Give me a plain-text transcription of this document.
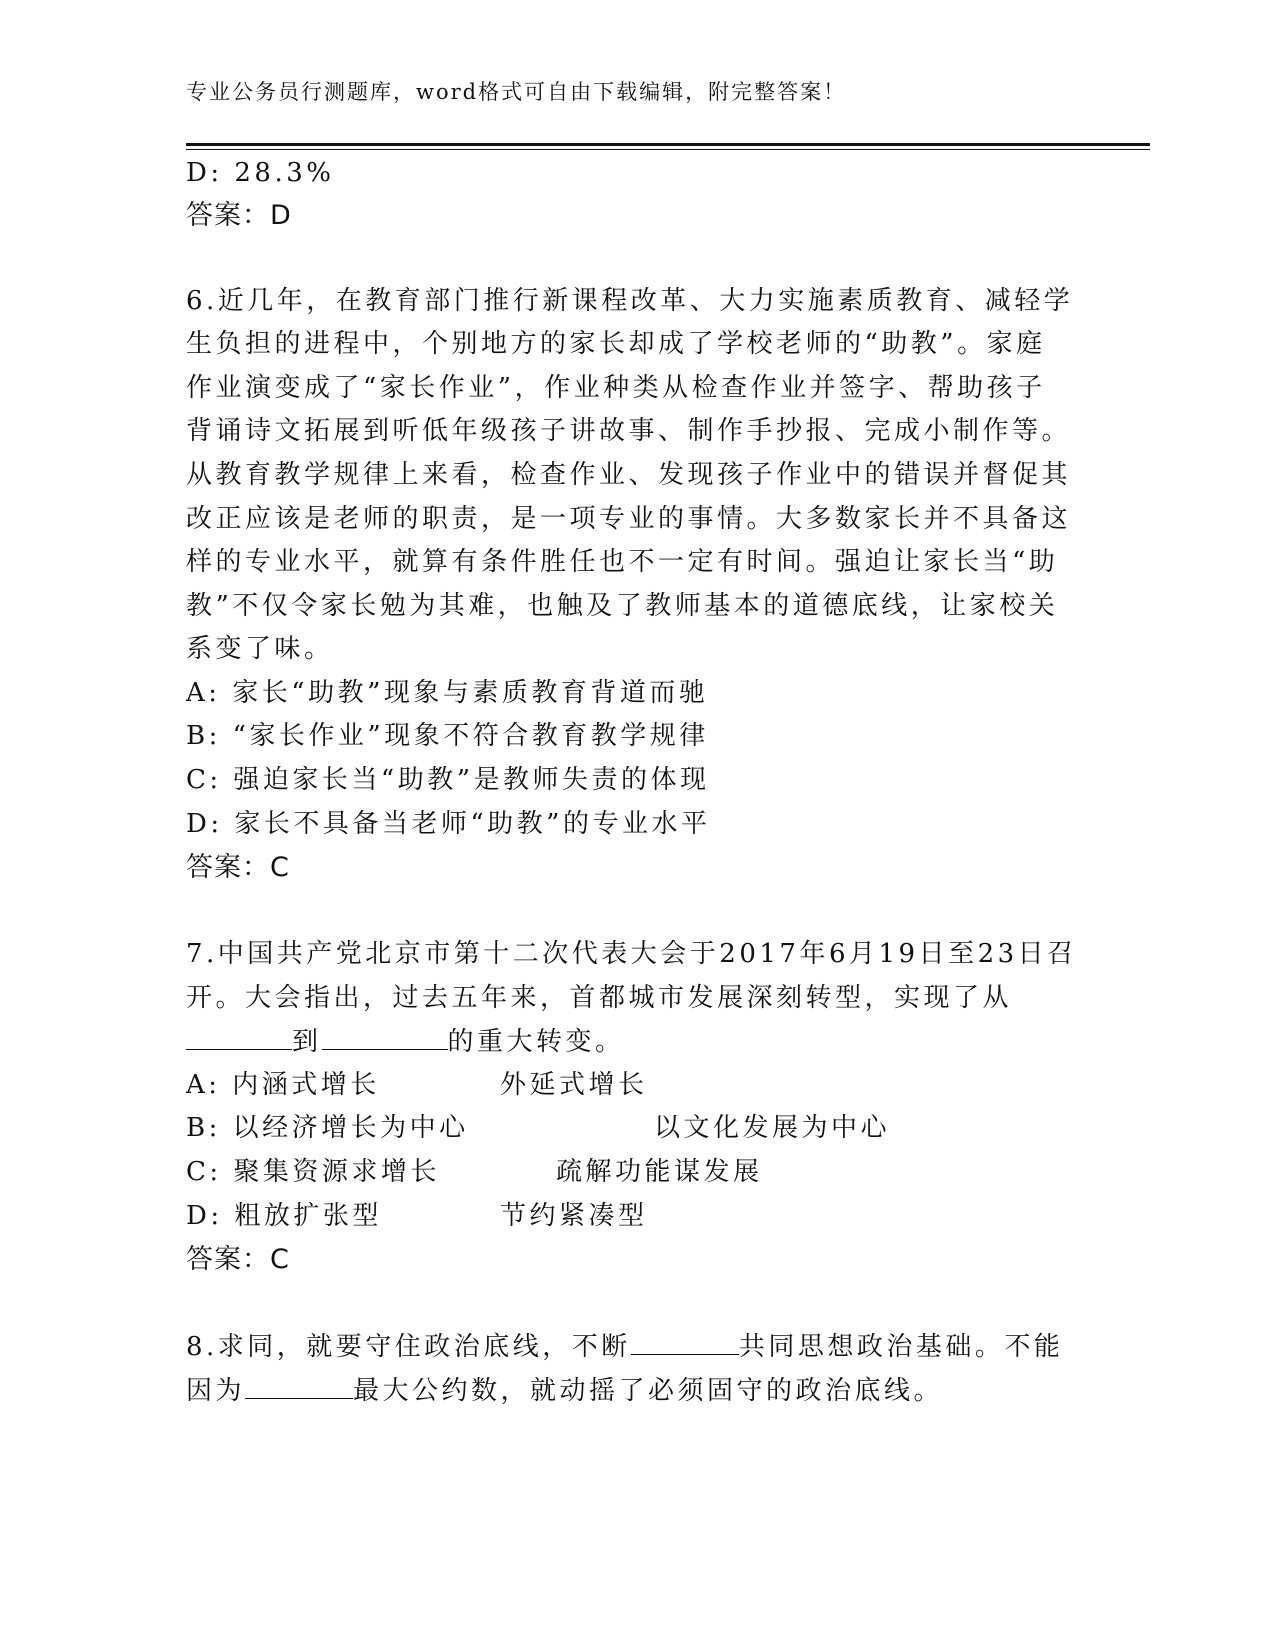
专业公务员行测题库，word格式可自由下载编辑，附完整答案！
D: 28.3%
答案：D
6.近几年，在教育部门推行新课程改革、大力实施素质教育、减轻学
生负担的进程中，个别地方的家长却成了学校老师的“助教”。家庭
作业演变成了“家长作业”，作业种类从检查作业并签字、帮助孩子
背诵诗文拓展到听低年级孩子讲故事、制作手抄报、完成小制作等。
从教育教学规律上来看，检查作业、发现孩子作业中的错误并督促其
改正应该是老师的职责，是一项专业的事情。大多数家长并不具备这
样的专业水平，就算有条件胜任也不一定有时间。强迫让家长当“助
教”不仅令家长勉为其难，也触及了教师基本的道德底线，让家校关
系变了味。
A: 家长“助教”现象与素质教育背道而驰
B: “家长作业”现象不符合教育教学规律
C: 强迫家长当“助教”是教师失责的体现
D: 家长不具备当老师“助教”的专业水平
答案：C
7.中国共产党北京市第十二次代表大会于2017年6月19日至23日召
开。大会指出，过去五年来，首都城市发展深刻转型，实现了从
到	的重大转变。
A: 内涵式增长	外延式增长
B: 以经济增长为中心	以文化发展为中心
C: 聚集资源求增长	疏解功能谋发展
D: 粗放扩张型	节约紧凑型
答案：C
8.求同，就要守住政治底线，不断	共同思想政治基础。不能
因为	最大公约数，就动摇了必须固守的政治底线。
